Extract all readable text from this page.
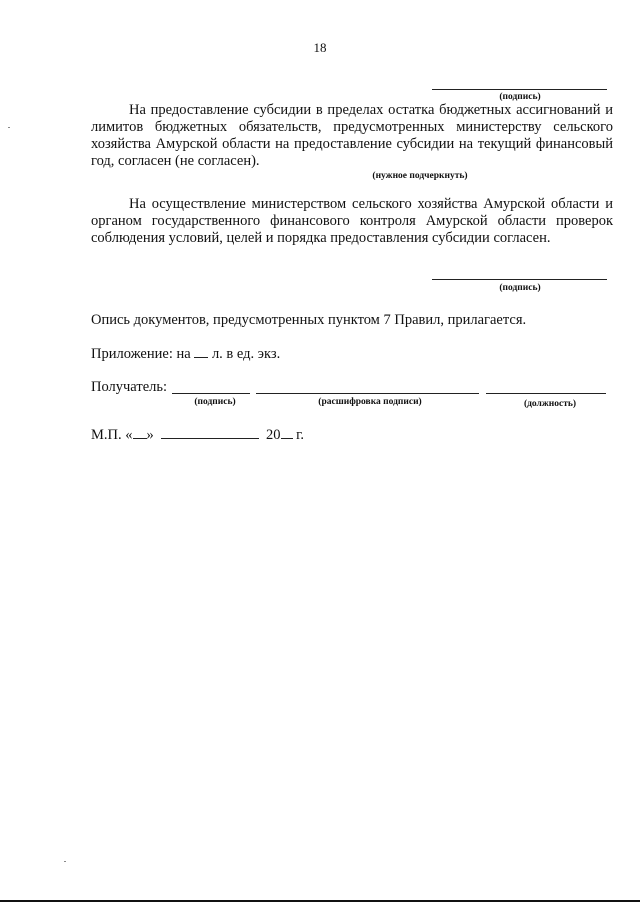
18
(подпись)
На предоставление субсидии в пределах остатка бюджетных ассигнований и лимитов бюджетных обязательств, предусмотренных министерству сельского хозяйства Амурской области на предоставление субсидии на текущий финансовый год, согласен (не согласен).
(нужное подчеркнуть)
На осуществление министерством сельского хозяйства Амурской области и органом государственного финансового контроля Амурской области проверок соблюдения условий, целей и порядка предоставления субсидии согласен.
(подпись)
Опись документов, предусмотренных пунктом 7 Правил, прилагается.
Приложение: на л. в ед. экз.
Получатель:
(подпись)	(расшифровка подписи)	(должность)
М.П. « »	20 г.
